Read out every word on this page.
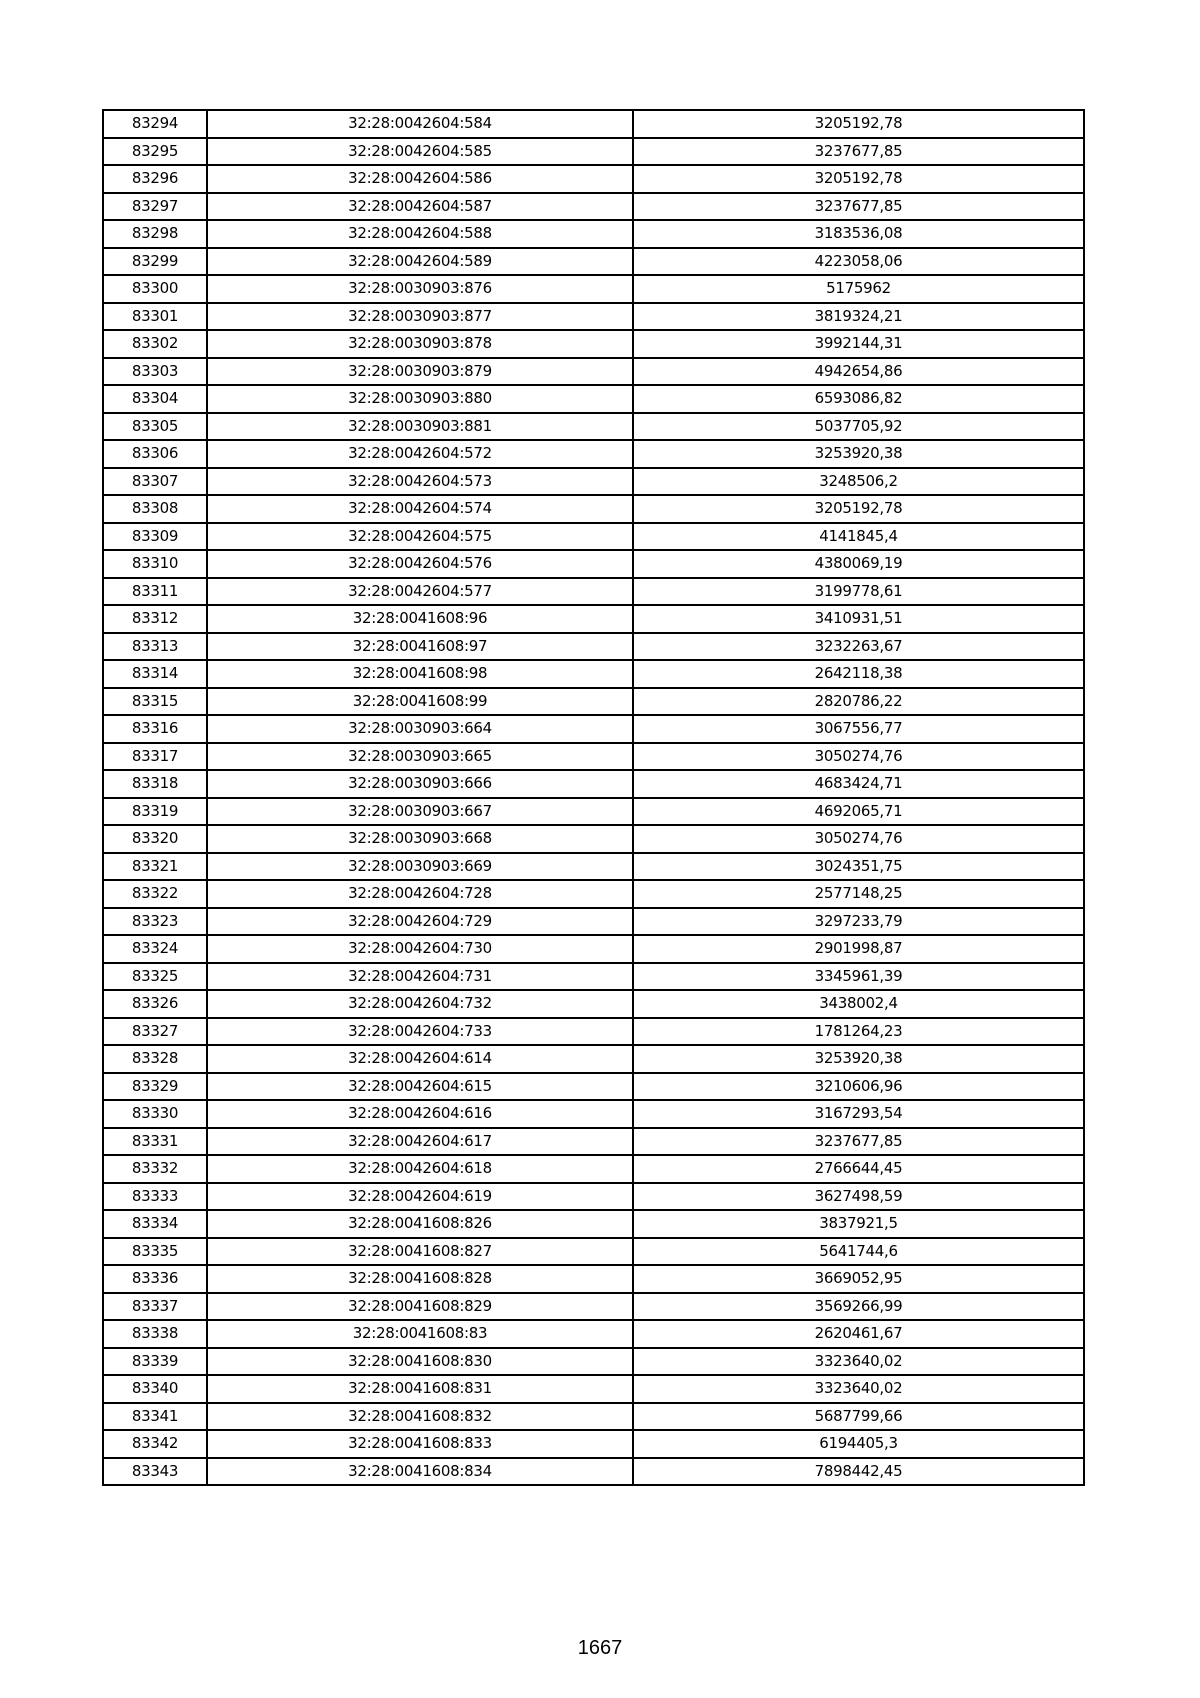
83294	32:28:0042604:584	3205192,78
83295	32:28:0042604:585	3237677,85
83296	32:28:0042604:586	3205192,78
83297	32:28:0042604:587	3237677,85
83298	32:28:0042604:588	3183536,08
83299	32:28:0042604:589	4223058,06
83300	32:28:0030903:876	5175962
83301	32:28:0030903:877	3819324,21
83302	32:28:0030903:878	3992144,31
83303	32:28:0030903:879	4942654,86
83304	32:28:0030903:880	6593086,82
83305	32:28:0030903:881	5037705,92
83306	32:28:0042604:572	3253920,38
83307	32:28:0042604:573	3248506,2
83308	32:28:0042604:574	3205192,78
83309	32:28:0042604:575	4141845,4
83310	32:28:0042604:576	4380069,19
83311	32:28:0042604:577	3199778,61
83312	32:28:0041608:96	3410931,51
83313	32:28:0041608:97	3232263,67
83314	32:28:0041608:98	2642118,38
83315	32:28:0041608:99	2820786,22
83316	32:28:0030903:664	3067556,77
83317	32:28:0030903:665	3050274,76
83318	32:28:0030903:666	4683424,71
83319	32:28:0030903:667	4692065,71
83320	32:28:0030903:668	3050274,76
83321	32:28:0030903:669	3024351,75
83322	32:28:0042604:728	2577148,25
83323	32:28:0042604:729	3297233,79
83324	32:28:0042604:730	2901998,87
83325	32:28:0042604:731	3345961,39
83326	32:28:0042604:732	3438002,4
83327	32:28:0042604:733	1781264,23
83328	32:28:0042604:614	3253920,38
83329	32:28:0042604:615	3210606,96
83330	32:28:0042604:616	3167293,54
83331	32:28:0042604:617	3237677,85
83332	32:28:0042604:618	2766644,45
83333	32:28:0042604:619	3627498,59
83334	32:28:0041608:826	3837921,5
83335	32:28:0041608:827	5641744,6
83336	32:28:0041608:828	3669052,95
83337	32:28:0041608:829	3569266,99
83338	32:28:0041608:83	2620461,67
83339	32:28:0041608:830	3323640,02
83340	32:28:0041608:831	3323640,02
83341	32:28:0041608:832	5687799,66
83342	32:28:0041608:833	6194405,3
83343	32:28:0041608:834	7898442,45
1667
